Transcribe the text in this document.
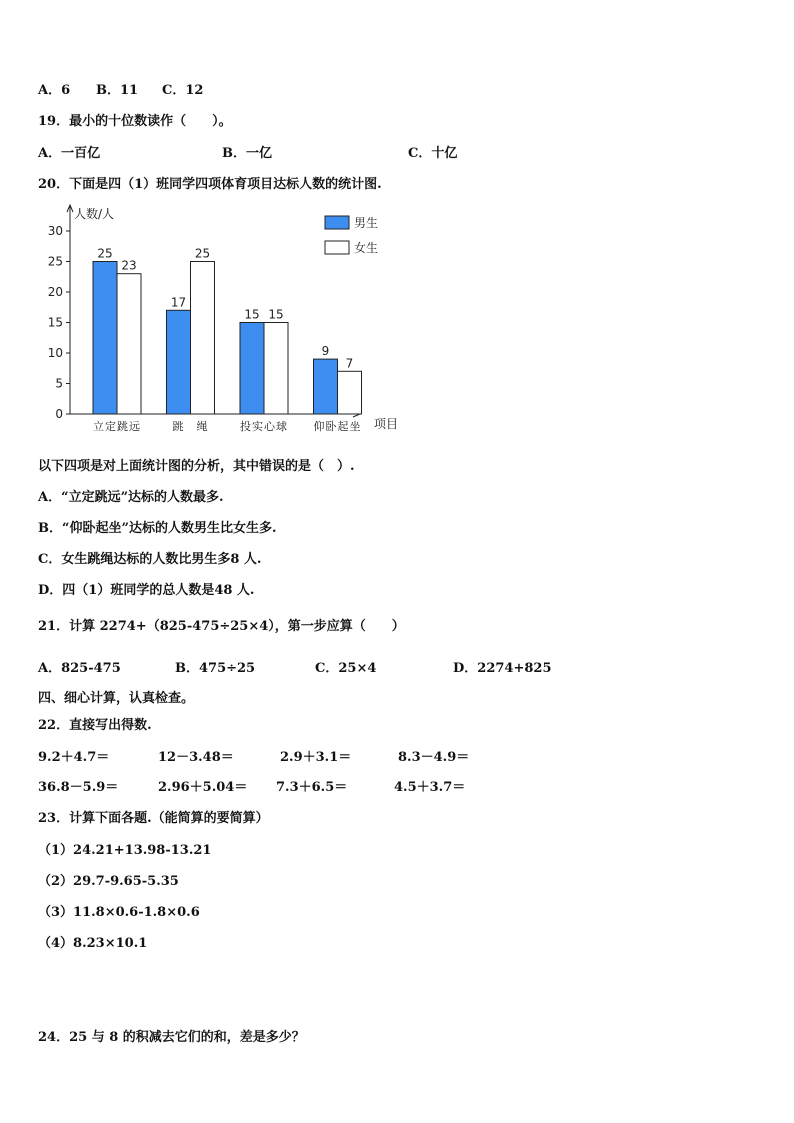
A．6 B．11 C．12
19．最小的十位数读作（　　）。
A．一百亿	B．一亿	C．十亿
20．下面是四（1）班同学四项体育项目达标人数的统计图.
人数/人
项目
0
5
10
15
20
25
30
25
23
17
25
15 15
9
7
立定跳远	跳　绳	投实心球 仰卧起坐
男生
女生
以下四项是对上面统计图的分析，其中错误的是（　）.
A．“立定跳远”达标的人数最多.
B．“仰卧起坐”达标的人数男生比女生多.
C．女生跳绳达标的人数比男生多8 人.
D．四（1）班同学的总人数是48 人.
21．计算 2274+（825-475÷25×4），第一步应算（　　）
A．825-475	B．475÷25	C．25×4	D．2274+825
四、细心计算，认真检查。
22．直接写出得数.
9.2＋4.7＝	12－3.48＝	2.9＋3.1＝	8.3－4.9＝
36.8－5.9＝	2.96＋5.04＝ 7.3＋6.5＝	4.5＋3.7＝
23．计算下面各题.（能简算的要简算）
（1）24.21+13.98-13.21
（2）29.7-9.65-5.35
（3）11.8×0.6-1.8×0.6
（4）8.23×10.1
24．25 与 8 的积减去它们的和，差是多少？
